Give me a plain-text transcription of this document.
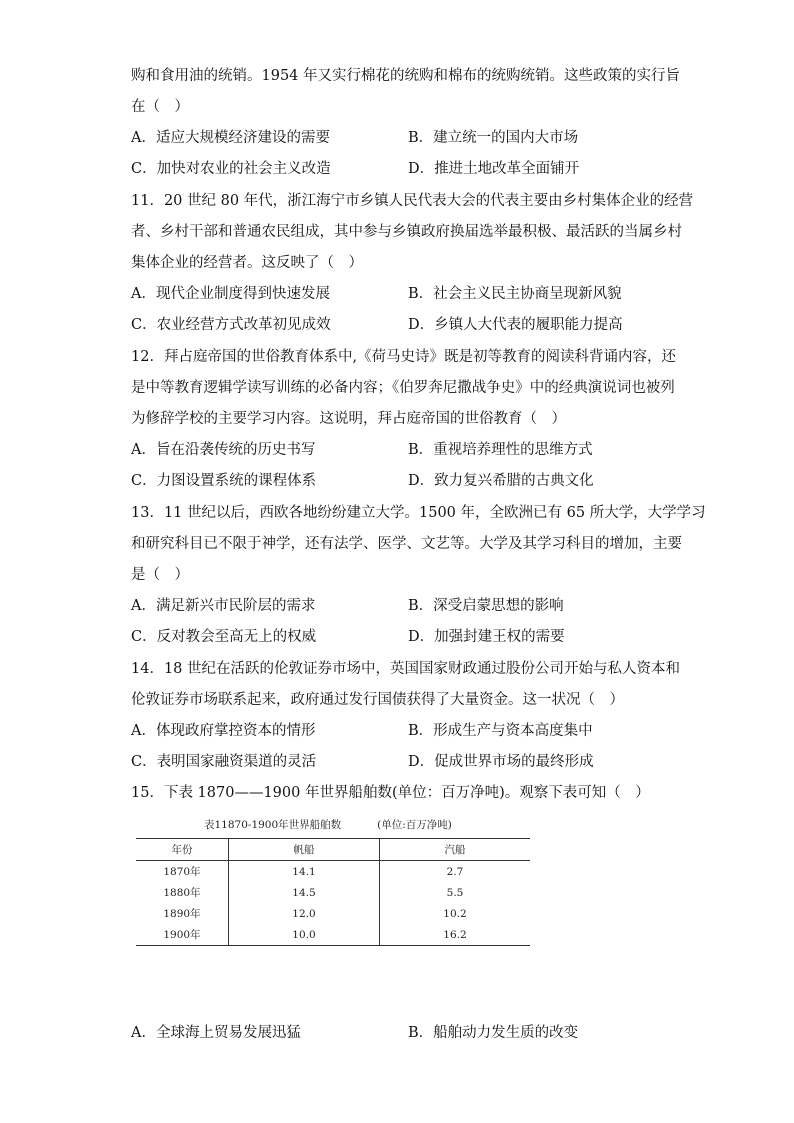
购和食用油的统销。1954 年又实行棉花的统购和棉布的统购统销。这些政策的实行旨
在（　）
A．适应大规模经济建设的需要	B．建立统一的国内大市场
C．加快对农业的社会主义改造	D．推进土地改革全面铺开
11．20 世纪 80 年代，浙江海宁市乡镇人民代表大会的代表主要由乡村集体企业的经营
者、乡村干部和普通农民组成，其中参与乡镇政府换届选举最积极、最活跃的当属乡村
集体企业的经营者。这反映了（　）
A．现代企业制度得到快速发展	B．社会主义民主协商呈现新风貌
C．农业经营方式改革初见成效	D．乡镇人大代表的履职能力提高
12．拜占庭帝国的世俗教育体系中,《荷马史诗》既是初等教育的阅读科背诵内容，还
是中等教育逻辑学读写训练的必备内容；《伯罗奔尼撒战争史》中的经典演说词也被列
为修辞学校的主要学习内容。这说明，拜占庭帝国的世俗教育（　）
A．旨在沿袭传统的历史书写	B．重视培养理性的思维方式
C．力图设置系统的课程体系	D．致力复兴希腊的古典文化
13．11 世纪以后，西欧各地纷纷建立大学。1500 年，全欧洲已有 65 所大学，大学学习
和研究科目已不限于神学，还有法学、医学、文艺等。大学及其学习科目的增加，主要
是（　）
A．满足新兴市民阶层的需求	B．深受启蒙思想的影响
C．反对教会至高无上的权威	D．加强封建王权的需要
14．18 世纪在活跃的伦敦证券市场中，英国国家财政通过股份公司开始与私人资本和
伦敦证券市场联系起来，政府通过发行国债获得了大量资金。这一状况（　）
A．体现政府掌控资本的情形	B．形成生产与资本高度集中
C．表明国家融资渠道的灵活	D．促成世界市场的最终形成
15．下表 1870——1900 年世界船舶数(单位：百万净吨)。观察下表可知（　）
表11870-1900年世界船舶数	(单位:百万净吨)
年份	帆船	汽船
1870年	14.1	2.7
1880年	14.5	5.5
1890年	12.0	10.2
1900年	10.0	16.2
A．全球海上贸易发展迅猛	B．船舶动力发生质的改变
